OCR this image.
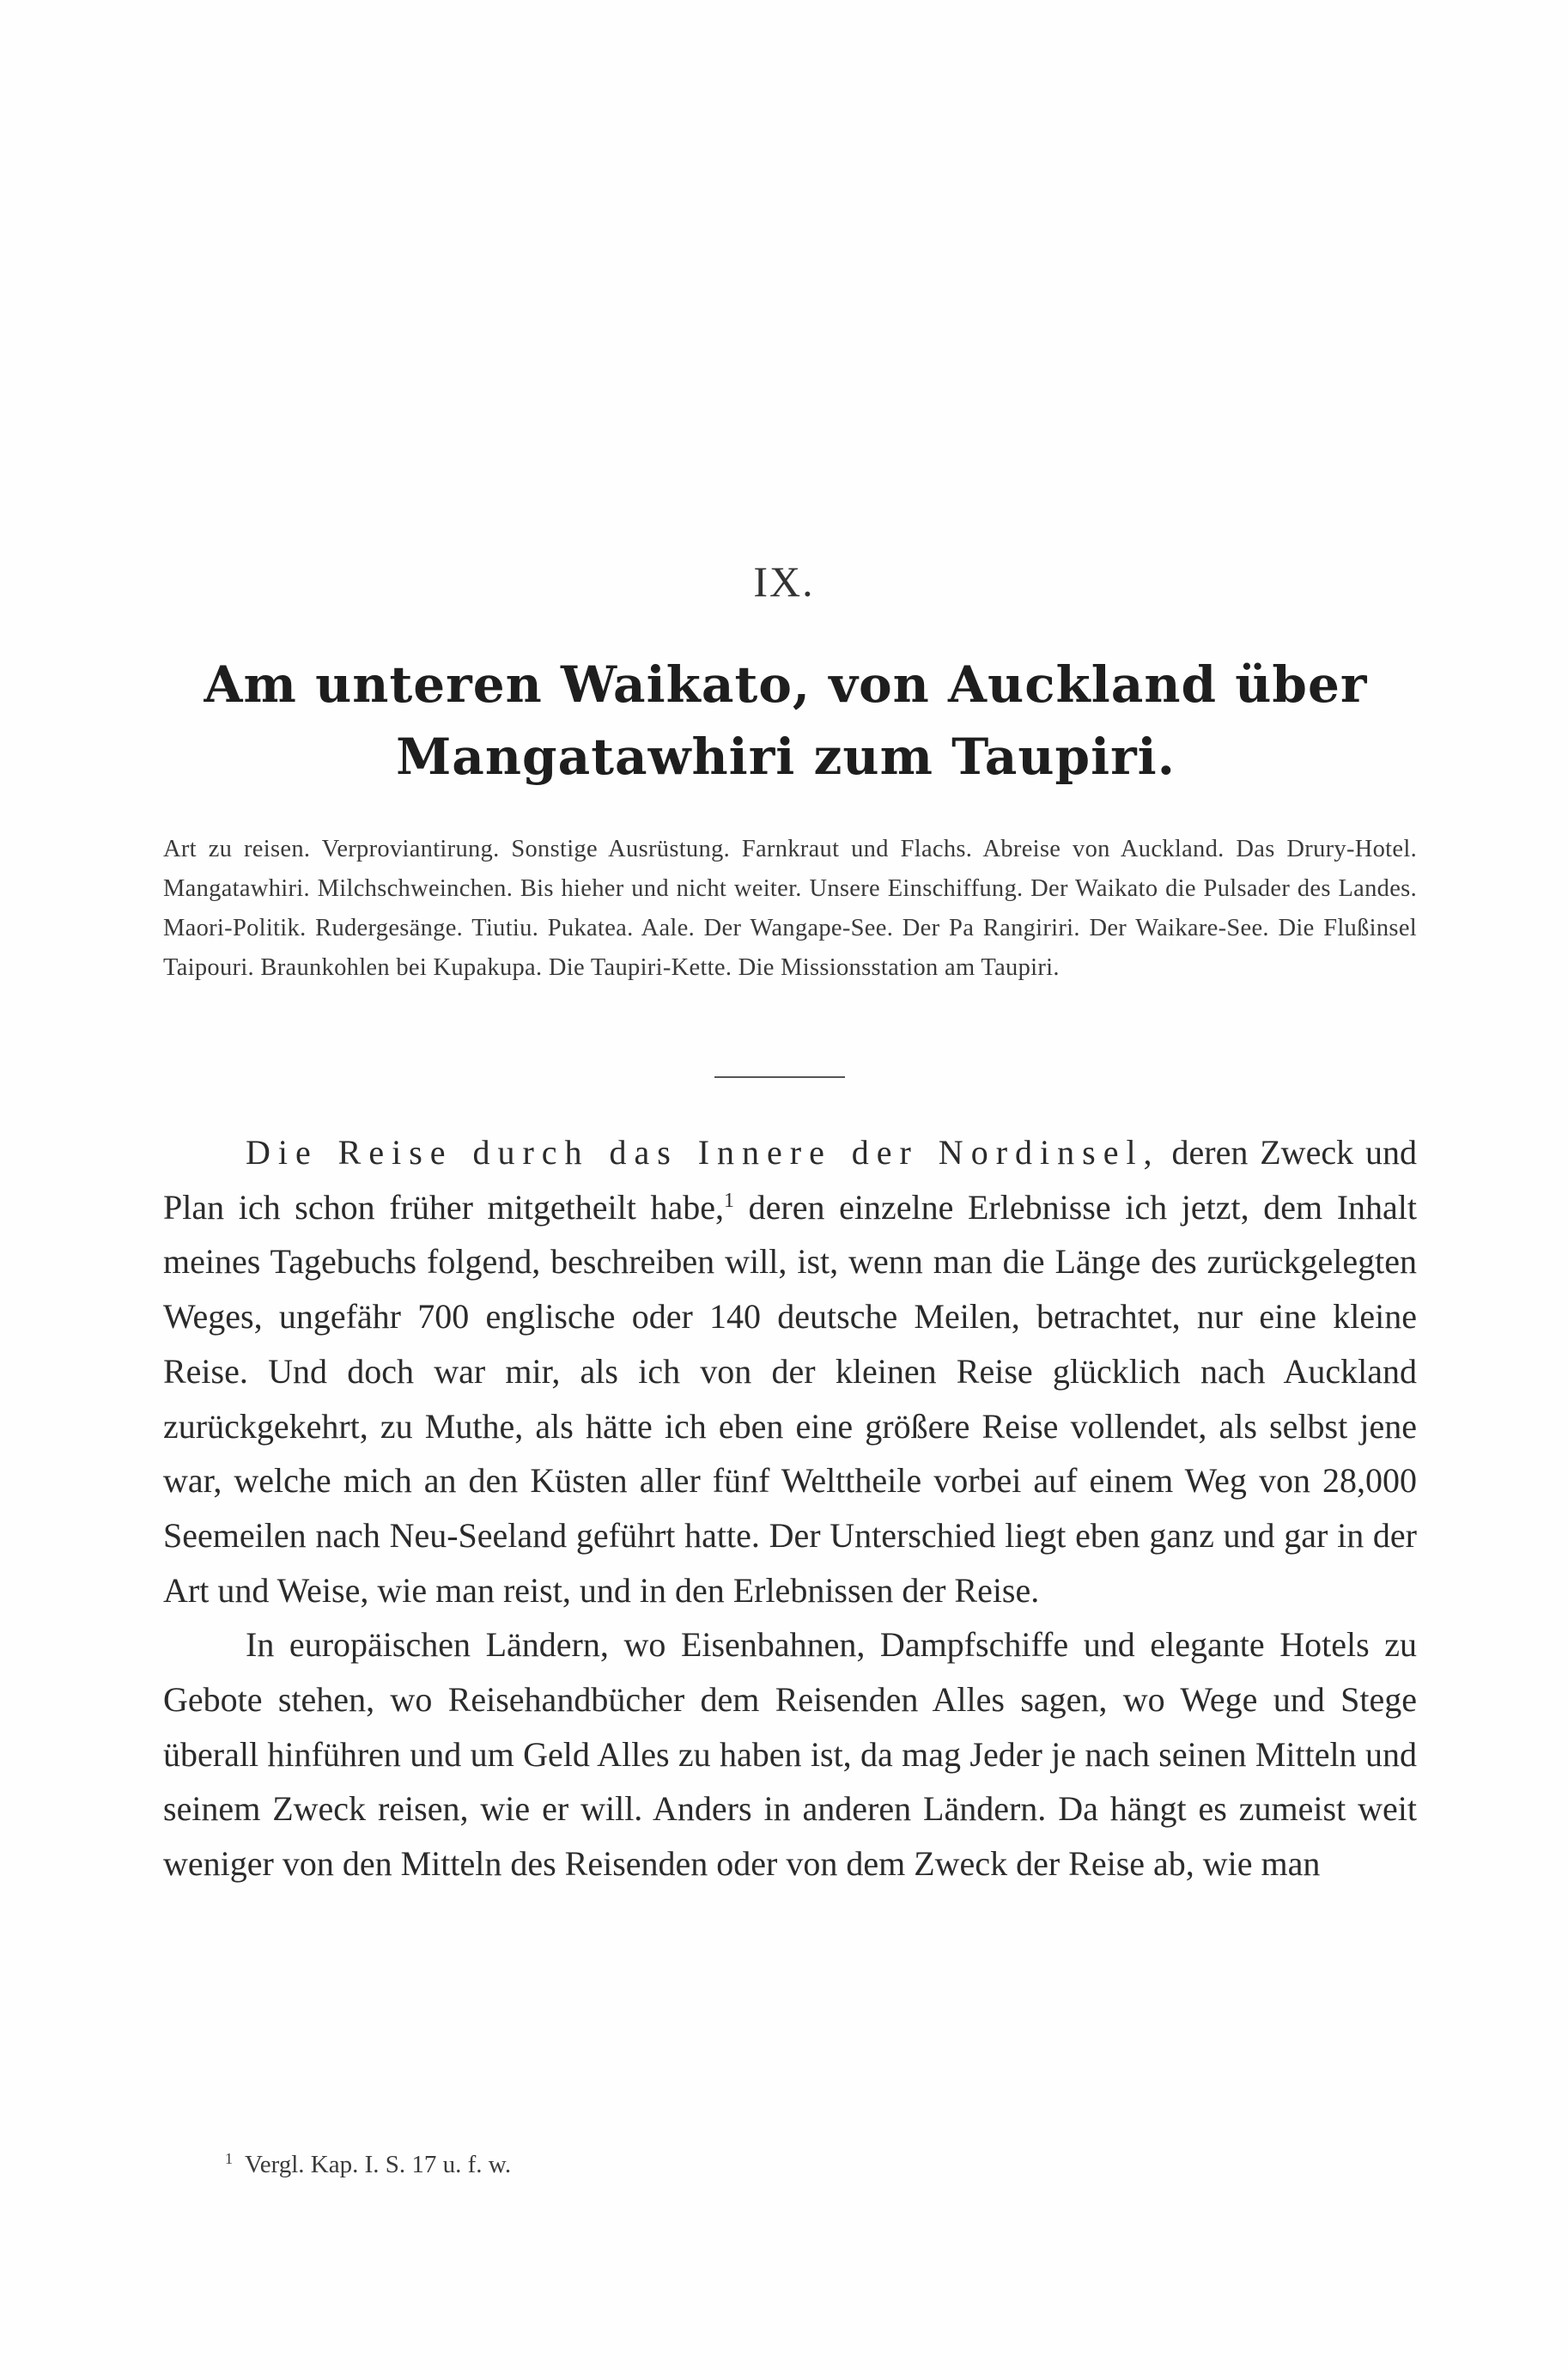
IX.
Am unteren Waikato, von Auckland über Mangatawhiri zum Taupiri.
Art zu reisen. Verproviantirung. Sonstige Ausrüstung. Farnkraut und Flachs. Abreise von Auckland. Das Drury-Hotel. Mangatawhiri. Milchschweinchen. Bis hieher und nicht weiter. Unsere Einschiffung. Der Waikato die Pulsader des Landes. Maori-Politik. Rudergesänge. Tiutiu. Pukatea. Aale. Der Wangape-See. Der Pa Rangiriri. Der Waikare-See. Die Flußinsel Taipouri. Braunkohlen bei Kupakupa. Die Taupiri-Kette. Die Missionsstation am Taupiri.

Die Reise durch das Innere der Nordinsel, deren Zweck und Plan ich schon früher mitgetheilt habe,$^1$ deren einzelne Erlebnisse ich jetzt, dem Inhalt meines Tagebuchs folgend, beschreiben will, ist, wenn man die Länge des zurückgelegten Weges, ungefähr 700 englische oder 140 deutsche Meilen, betrachtet, nur eine kleine Reise. Und doch war mir, als ich von der kleinen Reise glücklich nach Auckland zurückgekehrt, zu Muthe, als hätte ich eben eine größere Reise vollendet, als selbst jene war, welche mich an den Küsten aller fünf Welttheile vorbei auf einem Weg von 28,000 Seemeilen nach Neu-Seeland geführt hatte. Der Unterschied liegt eben ganz und gar in der Art und Weise, wie man reist, und in den Erlebnissen der Reise.

In europäischen Ländern, wo Eisenbahnen, Dampfschiffe und elegante Hotels zu Gebote stehen, wo Reisehandbücher dem Reisenden Alles sagen, wo Wege und Stege überall hinführen und um Geld Alles zu haben ist, da mag Jeder je nach seinen Mitteln und seinem Zweck reisen, wie er will. Anders in anderen Ländern. Da hängt es zumeist weit weniger von den Mitteln des Reisenden oder von dem Zweck der Reise ab, wie man

$^1$ Vergl. Kap. I. S. 17 u. f. w.
